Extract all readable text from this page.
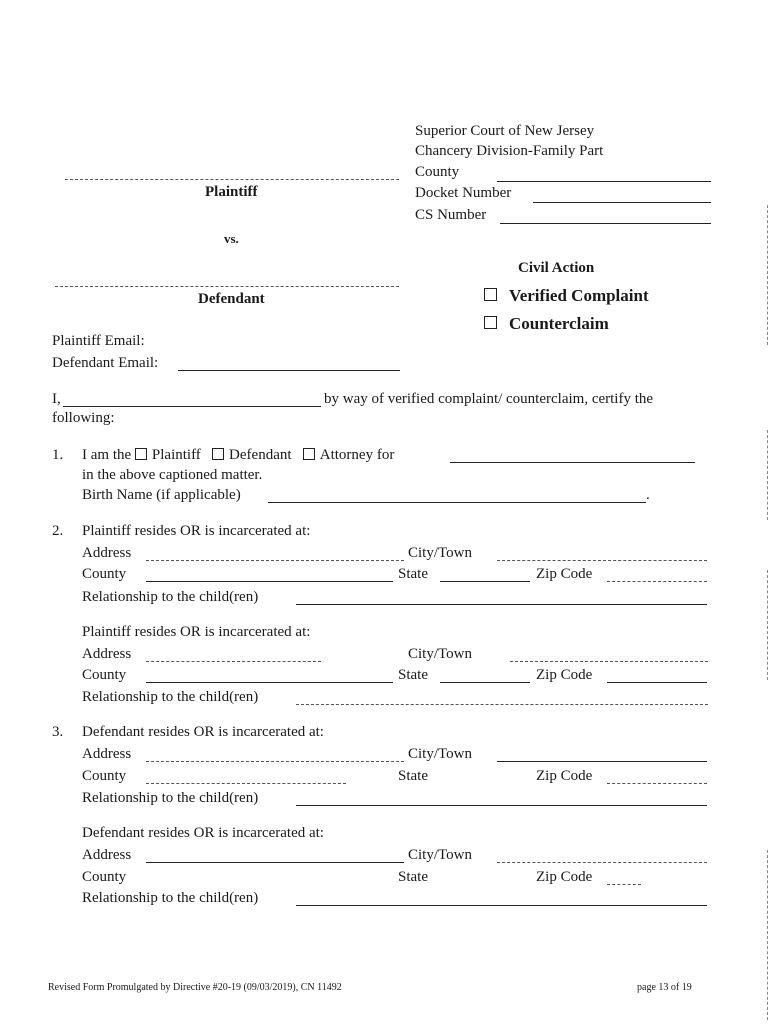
Superior Court of New Jersey
Chancery Division-Family Part
County
Docket Number
CS Number
Plaintiff
vs.
Defendant
Civil Action
Verified Complaint
Counterclaim
Plaintiff Email:
Defendant Email:
I,	by way of verified complaint/ counterclaim, certify the
following:
1. I am the Plaintiff Defendant Attorney for
in the above captioned matter.
Birth Name (if applicable)	.
2. Plaintiff resides OR is incarcerated at:
Address	City/Town
County	State	Zip Code
Relationship to the child(ren)
Plaintiff resides OR is incarcerated at:
Address	City/Town
County	State	Zip Code
Relationship to the child(ren)
3. Defendant resides OR is incarcerated at:
Address	City/Town
County	State	Zip Code
Relationship to the child(ren)
Defendant resides OR is incarcerated at:
Address	City/Town
County	State	Zip Code
Relationship to the child(ren)
Revised Form Promulgated by Directive #20-19 (09/03/2019), CN 11492	page 13 of 19
